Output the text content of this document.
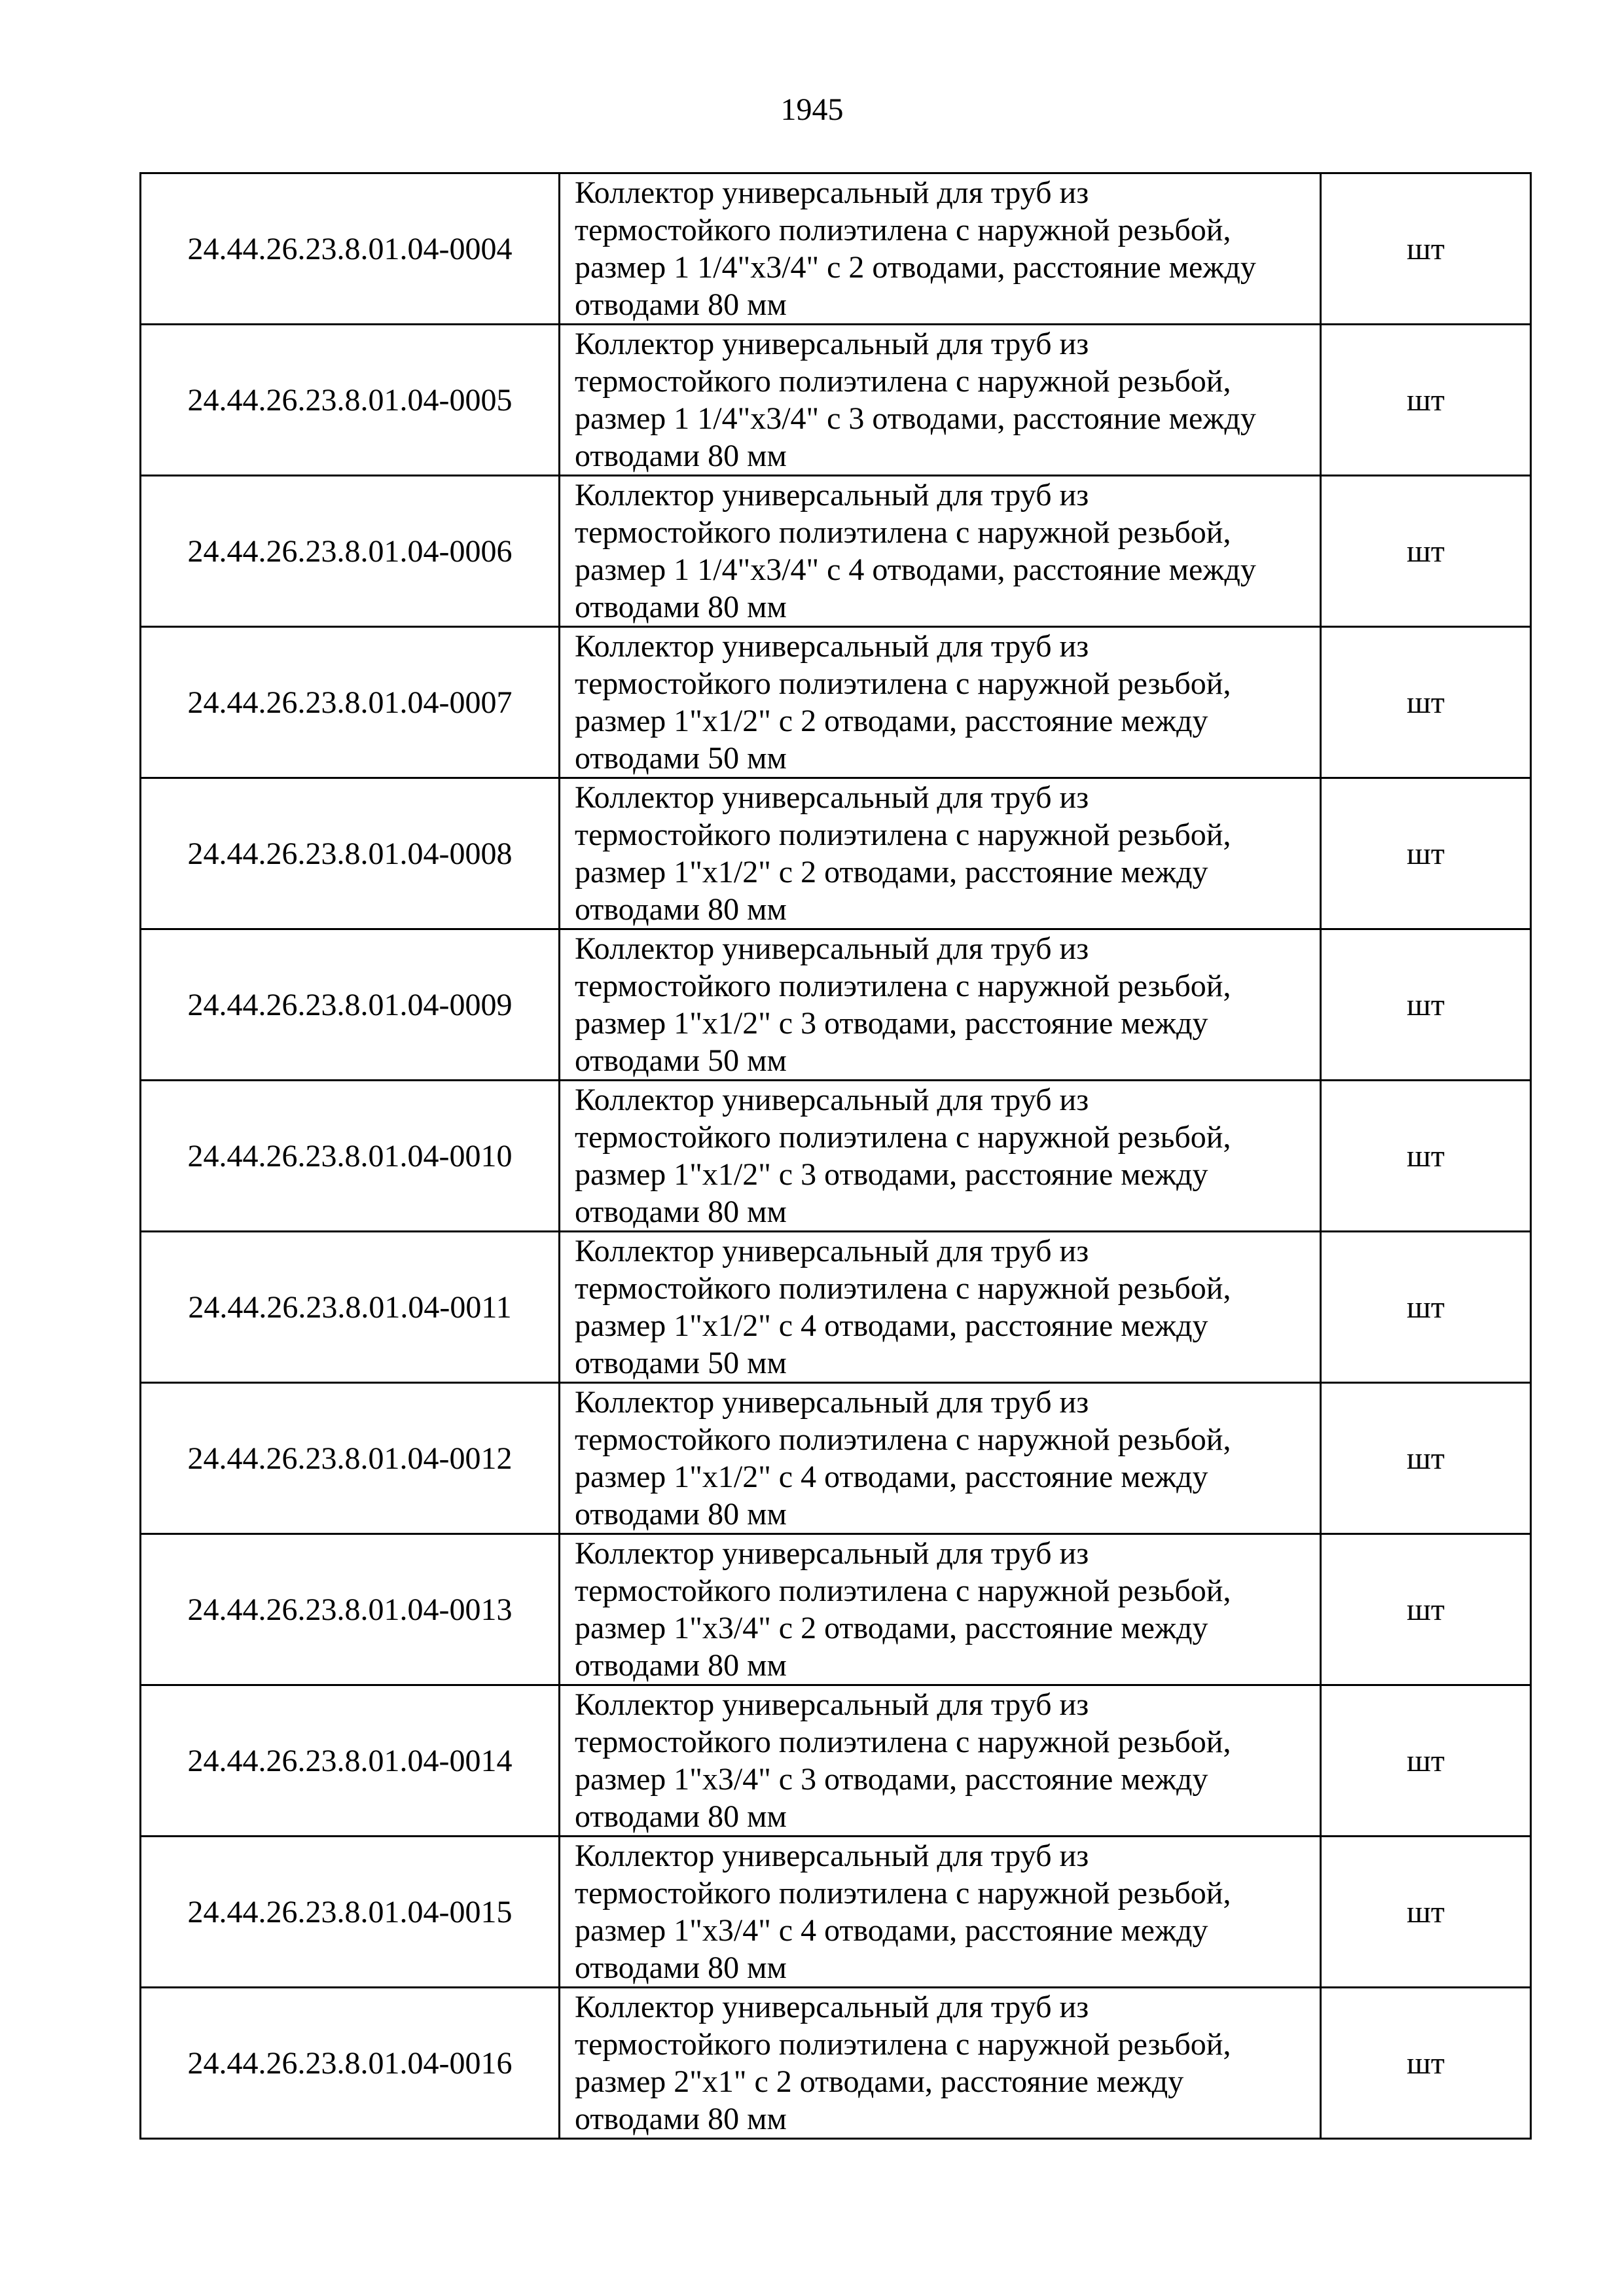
1945
24.44.26.23.8.01.04-0004	Коллектор универсальный для труб из
термостойкого полиэтилена с наружной резьбой,
размер 1 1/4"x3/4" с 2 отводами, расстояние между
отводами 80 мм	шт
24.44.26.23.8.01.04-0005	Коллектор универсальный для труб из
термостойкого полиэтилена с наружной резьбой,
размер 1 1/4"x3/4" с 3 отводами, расстояние между
отводами 80 мм	шт
24.44.26.23.8.01.04-0006	Коллектор универсальный для труб из
термостойкого полиэтилена с наружной резьбой,
размер 1 1/4"x3/4" с 4 отводами, расстояние между
отводами 80 мм	шт
24.44.26.23.8.01.04-0007	Коллектор универсальный для труб из
термостойкого полиэтилена с наружной резьбой,
размер 1"x1/2" с 2 отводами, расстояние между
отводами 50 мм	шт
24.44.26.23.8.01.04-0008	Коллектор универсальный для труб из
термостойкого полиэтилена с наружной резьбой,
размер 1"x1/2" с 2 отводами, расстояние между
отводами 80 мм	шт
24.44.26.23.8.01.04-0009	Коллектор универсальный для труб из
термостойкого полиэтилена с наружной резьбой,
размер 1"x1/2" с 3 отводами, расстояние между
отводами 50 мм	шт
24.44.26.23.8.01.04-0010	Коллектор универсальный для труб из
термостойкого полиэтилена с наружной резьбой,
размер 1"x1/2" с 3 отводами, расстояние между
отводами 80 мм	шт
24.44.26.23.8.01.04-0011	Коллектор универсальный для труб из
термостойкого полиэтилена с наружной резьбой,
размер 1"x1/2" с 4 отводами, расстояние между
отводами 50 мм	шт
24.44.26.23.8.01.04-0012	Коллектор универсальный для труб из
термостойкого полиэтилена с наружной резьбой,
размер 1"x1/2" с 4 отводами, расстояние между
отводами 80 мм	шт
24.44.26.23.8.01.04-0013	Коллектор универсальный для труб из
термостойкого полиэтилена с наружной резьбой,
размер 1"x3/4" с 2 отводами, расстояние между
отводами 80 мм	шт
24.44.26.23.8.01.04-0014	Коллектор универсальный для труб из
термостойкого полиэтилена с наружной резьбой,
размер 1"x3/4" с 3 отводами, расстояние между
отводами 80 мм	шт
24.44.26.23.8.01.04-0015	Коллектор универсальный для труб из
термостойкого полиэтилена с наружной резьбой,
размер 1"x3/4" с 4 отводами, расстояние между
отводами 80 мм	шт
24.44.26.23.8.01.04-0016	Коллектор универсальный для труб из
термостойкого полиэтилена с наружной резьбой,
размер 2"x1" с 2 отводами, расстояние между
отводами 80 мм	шт
